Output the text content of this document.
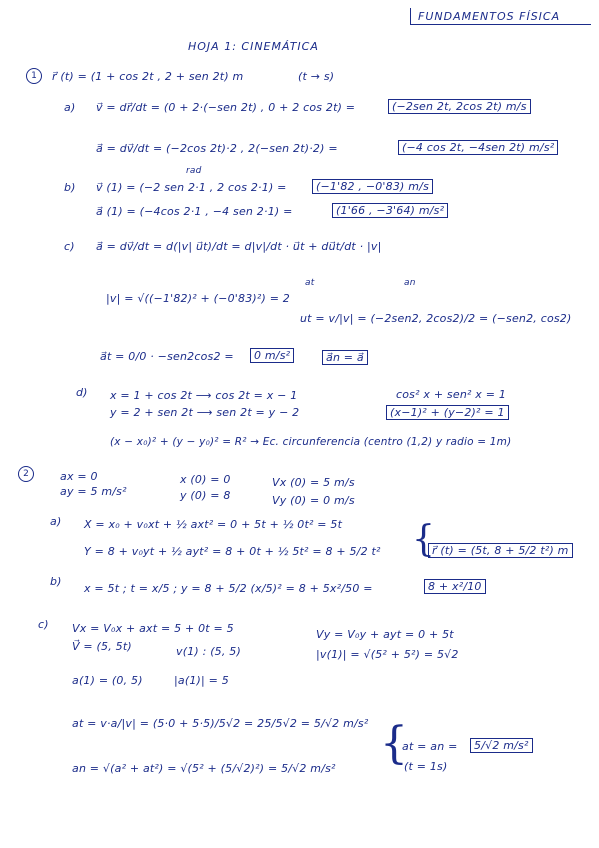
FUNDAMENTOS FÍSICA
HOJA 1: CINEMÁTICA
1	r⃗ (t) = (1 + cos 2t , 2 + sen 2t) m	(t → s)
a) v⃗ = dr⃗/dt = (0 + 2·(−sen 2t) , 0 + 2 cos 2t) =	(−2sen 2t, 2cos 2t) m/s
a⃗ = dv⃗/dt = (−2cos 2t)·2 , 2(−sen 2t)·2) =	(−4 cos 2t, −4sen 2t) m/s²
b)
rad
v⃗ (1) = (−2 sen 2·1 , 2 cos 2·1) =	(−1'82 , −0'83) m/s
a⃗ (1) = (−4cos 2·1 , −4 sen 2·1) =	(1'66 , −3'64) m/s²
c) a⃗ = dv⃗/dt = d(|v| u⃗t)/dt = d|v|/dt · u⃗t + du⃗t/dt · |v|
at	an
|v| = √((−1'82)² + (−0'83)²) = 2
ut = v/|v| = (−2sen2, 2cos2)/2 = (−sen2, cos2)
a⃗t = 0/0 · −sen2cos2 =	0 m/s²	a⃗n = a⃗
d) x = 1 + cos 2t ⟶ cos 2t = x − 1
y = 2 + sen 2t ⟶ sen 2t = y − 2
cos² x + sen² x = 1
(x−1)² + (y−2)² = 1
(x − x₀)² + (y − y₀)² = R² → Ec. circunferencia (centro (1,2) y radio = 1m)
2	ax = 0
ay = 5 m/s²
x (0) = 0
y (0) = 8
Vx (0) = 5 m/s
Vy (0) = 0 m/s
a) X = x₀ + v₀xt + ½ axt² = 0 + 5t + ½ 0t² = 5t
Y = 8 + v₀yt + ½ ayt² = 8 + 0t + ½ 5t² = 8 + 5/2 t² {
r⃗ (t) = (5t, 8 + 5/2 t²) m
b)
x = 5t ; t = x/5 ; y = 8 + 5/2 (x/5)² = 8 + 5x²/50 =	8 + x²/10
c) Vx = V₀x + axt = 5 + 0t = 5	Vy = V₀y + ayt = 0 + 5t
V⃗ = (5, 5t)	v(1) : (5, 5)	|v(1)| = √(5² + 5²) = 5√2
a(1) = (0, 5)	|a(1)| = 5
at = v·a/|v| = (5·0 + 5·5)/5√2 = 25/5√2 = 5/√2 m/s²
an = √(a² + at²) = √(5² + (5/√2)²) = 5/√2 m/s² {
at = an =	5/√2 m/s²
(t = 1s)
